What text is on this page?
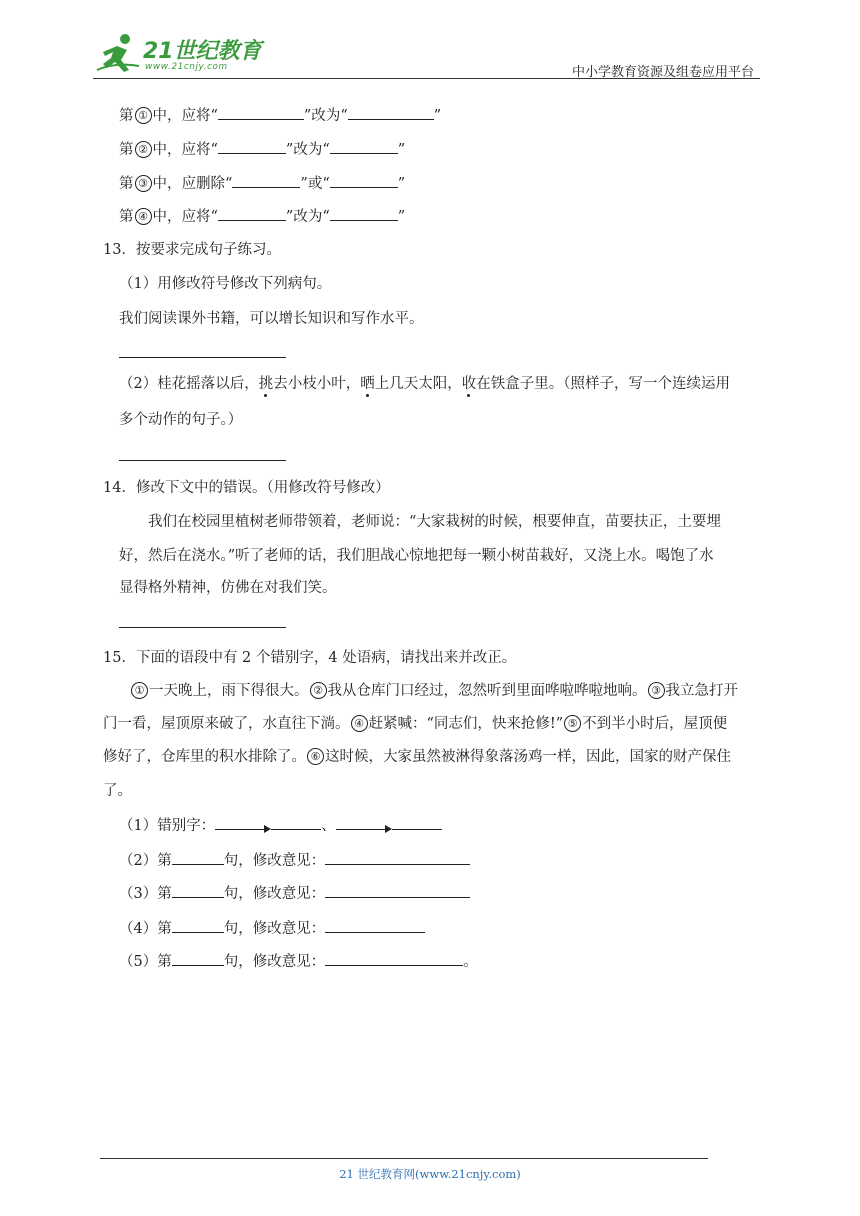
21世纪教育
www.21cnjy.com	中小学教育资源及组卷应用平台
第 ① 中，应将“	”改为“	”
第 ② 中，应将“	”改为“	”
第 ③ 中，应删除“	”或“	”
第 ④ 中，应将“	”改为“	”
13．按要求完成句子练习。
（1）用修改符号修改下列病句。
我们阅读课外书籍，可以增长知识和写作水平。
（2）桂花摇落以后，挑去小枝小叶，晒上几天太阳，收在铁盒子里。（照样子，写一个连续运用
多个动作的句子。）
14．修改下文中的错误。（用修改符号修改）
我们在校园里植树老师带领着，老师说：“大家栽树的时候，根要伸直，苗要扶正，土要埋
好，然后在浇水。”听了老师的话，我们胆战心惊地把每一颗小树苗栽好，又浇上水。喝饱了水
显得格外精神，仿佛在对我们笑。
15．下面的语段中有 2 个错别字，4 处语病，请找出来并改正。
① 一天晚上，雨下得很大。 ② 我从仓库门口经过，忽然听到里面哗啦哗啦地响。 ③ 我立急打开
门一看，屋顶原来破了，水直往下淌。 ④ 赶紧喊：“同志们，快来抢修!” ⑤ 不到半小时后，屋顶便
修好了，仓库里的积水排除了。 ⑥ 这时候，大家虽然被淋得象落汤鸡一样，因此，国家的财产保住
了。
（1）错别字：	、
（2）第	句，修改意见：
（3）第	句，修改意见：
（4）第	句，修改意见：
（5）第	句，修改意见：	。
21 世纪教育网(www.21cnjy.com)
